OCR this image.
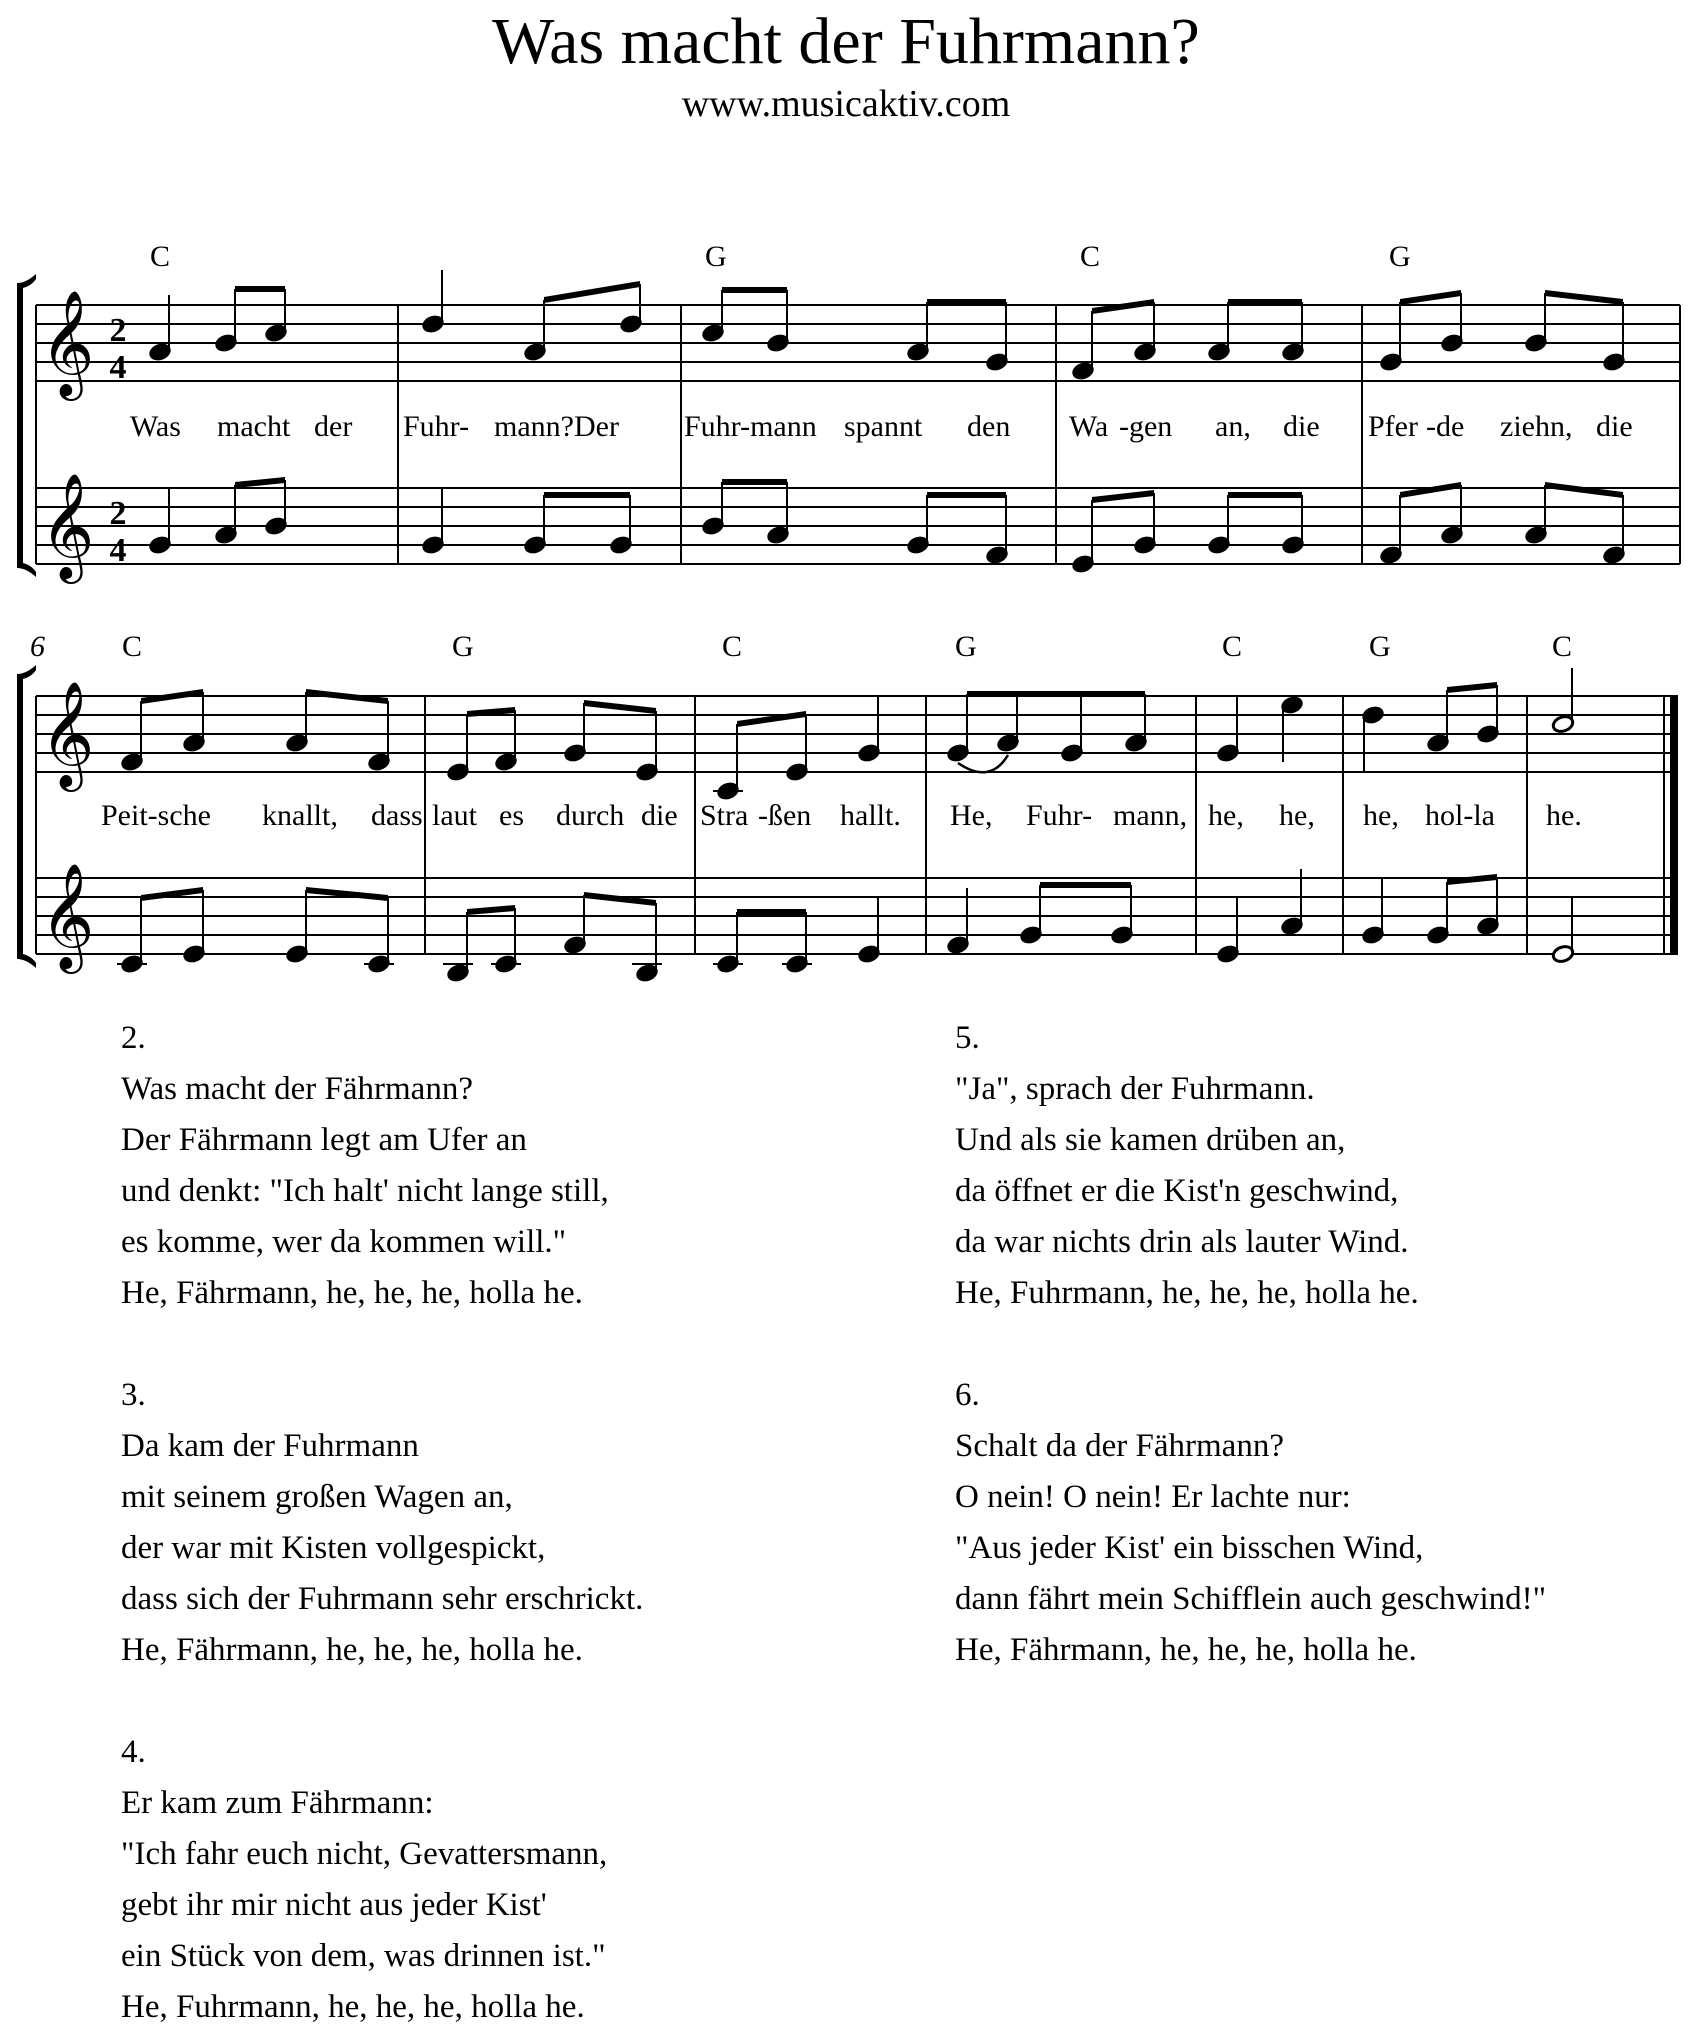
Was macht der Fuhrmann?
www.musicaktiv.com
C	G	C	G
𝄞
𝄞
2
4
2
4
Was macht der Fuhr- mann?Der Fuhr-mann spannt den Wa -gen an, die Pfer -de ziehn, die
6	C	G	C	G	C	G	C
𝄞
𝄞
Peit-sche knallt, dass laut es durch die Stra -ßen hallt. He, Fuhr- mann, he, he, he, hol-la he.
2.
Was macht der Fährmann?
Der Fährmann legt am Ufer an
und denkt: "Ich halt' nicht lange still,
es komme, wer da kommen will."
He, Fährmann, he, he, he, holla he.
3.
Da kam der Fuhrmann
mit seinem großen Wagen an,
der war mit Kisten vollgespickt,
dass sich der Fuhrmann sehr erschrickt.
He, Fährmann, he, he, he, holla he.
4.
Er kam zum Fährmann:
"Ich fahr euch nicht, Gevattersmann,
gebt ihr mir nicht aus jeder Kist'
ein Stück von dem, was drinnen ist."
He, Fuhrmann, he, he, he, holla he.
5.
"Ja", sprach der Fuhrmann.
Und als sie kamen drüben an,
da öffnet er die Kist'n geschwind,
da war nichts drin als lauter Wind.
He, Fuhrmann, he, he, he, holla he.
6.
Schalt da der Fährmann?
O nein! O nein! Er lachte nur:
"Aus jeder Kist' ein bisschen Wind,
dann fährt mein Schifflein auch geschwind!"
He, Fährmann, he, he, he, holla he.
